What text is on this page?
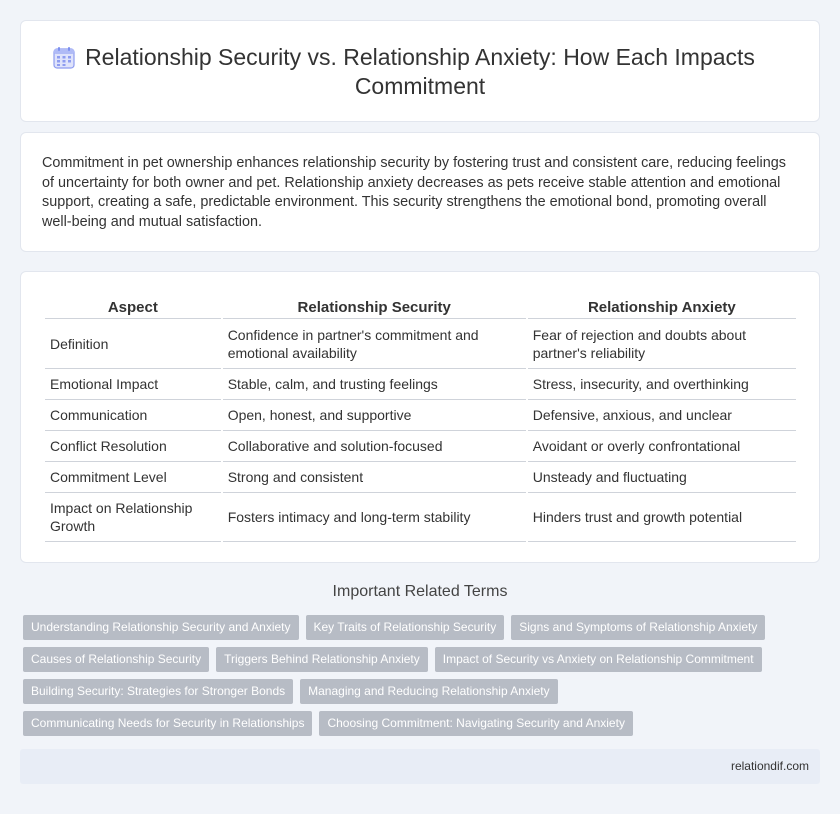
Relationship Security vs. Relationship Anxiety: How Each Impacts
Commitment

Commitment in pet ownership enhances relationship security by fostering trust and consistent care, reducing feelings of uncertainty for both owner and pet. Relationship anxiety decreases as pets receive stable attention and emotional support, creating a safe, predictable environment. This security strengthens the emotional bond, promoting overall well-being and mutual satisfaction.

Aspect	Relationship Security	Relationship Anxiety
Definition	Confidence in partner's commitment and emotional availability	Fear of rejection and doubts about partner's reliability
Emotional Impact	Stable, calm, and trusting feelings	Stress, insecurity, and overthinking
Communication	Open, honest, and supportive	Defensive, anxious, and unclear
Conflict Resolution	Collaborative and solution-focused	Avoidant or overly confrontational
Commitment Level	Strong and consistent	Unsteady and fluctuating
Impact on Relationship Growth	Fosters intimacy and long-term stability	Hinders trust and growth potential
Important Related Terms
Understanding Relationship Security and Anxiety	Key Traits of Relationship Security	Signs and Symptoms of Relationship Anxiety
Causes of Relationship Security	Triggers Behind Relationship Anxiety	Impact of Security vs Anxiety on Relationship Commitment
Building Security: Strategies for Stronger Bonds	Managing and Reducing Relationship Anxiety
Communicating Needs for Security in Relationships	Choosing Commitment: Navigating Security and Anxiety
relationdif.com
